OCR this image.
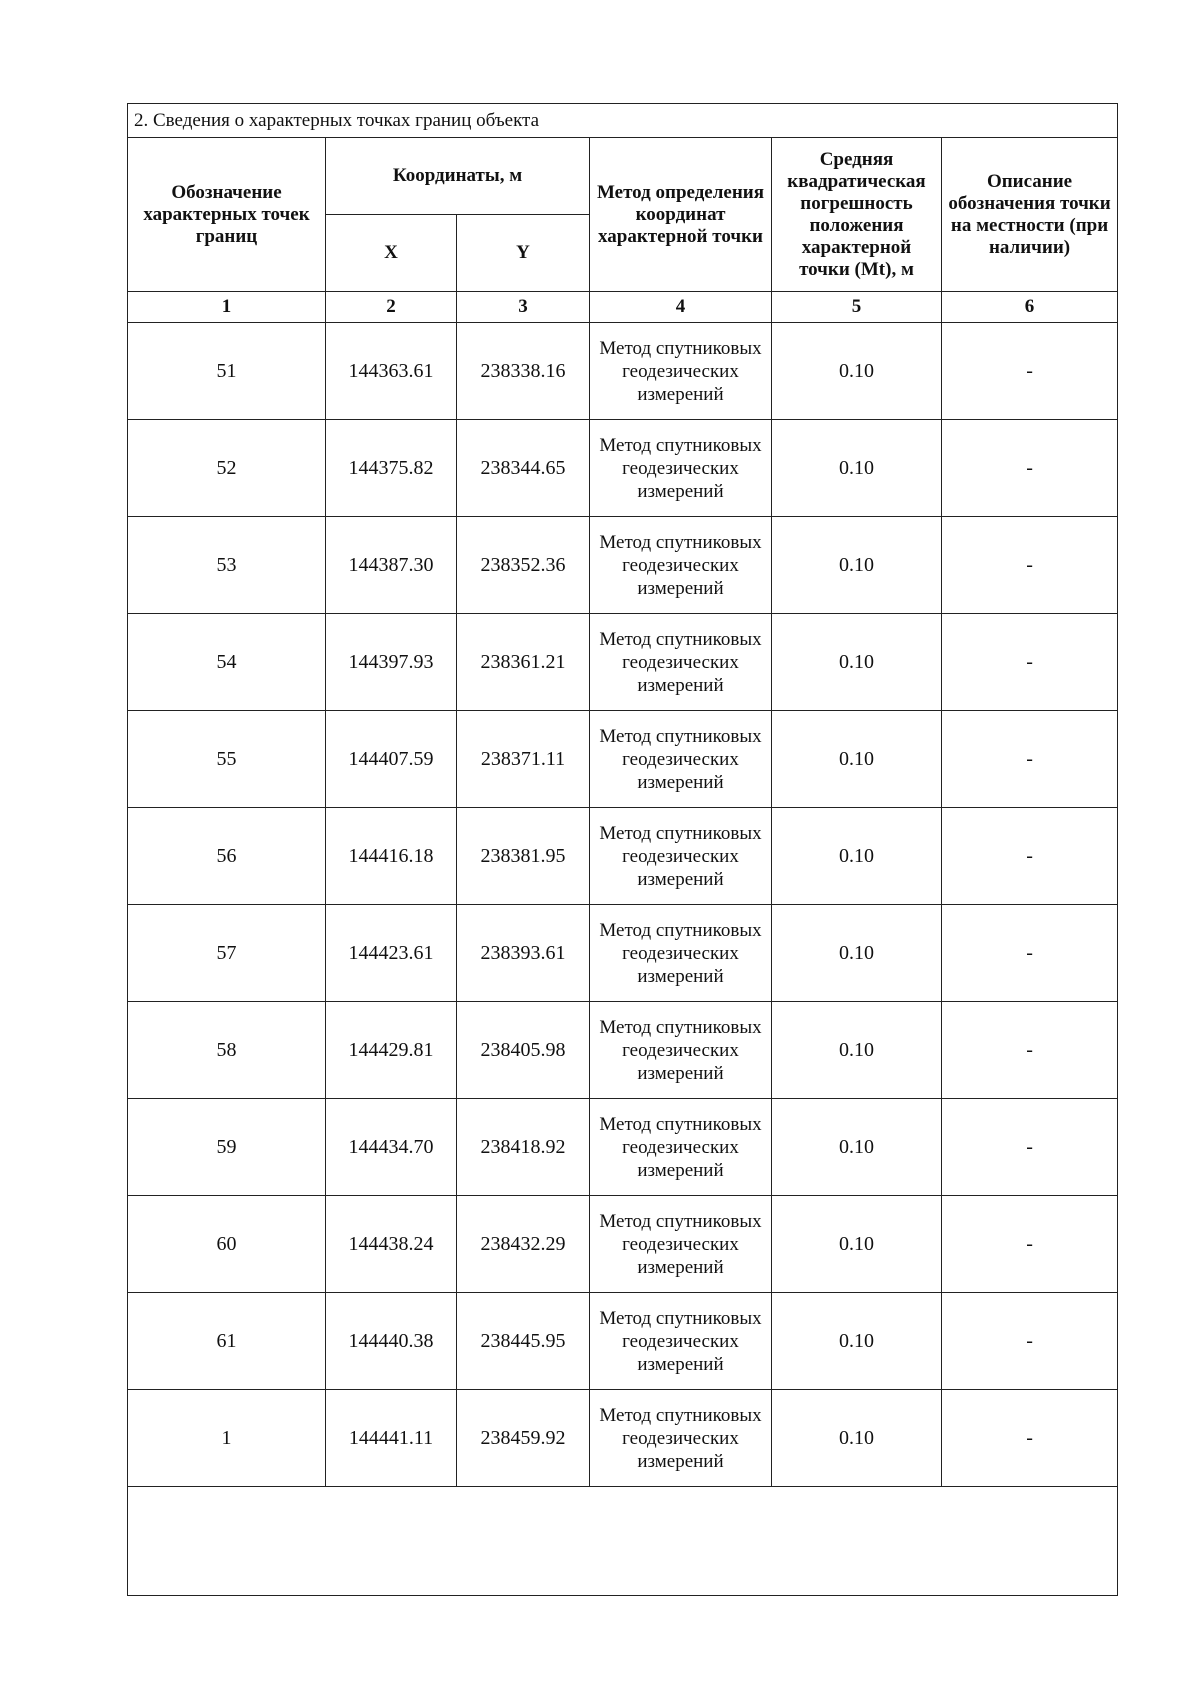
2. Сведения о характерных точках границ объекта					
Обозначение характерных точек границ	Координаты, м		Метод определения координат характерной точки	Средняя квадратическая погрешность положения характерной точки (Mt), м	Описание обозначения точки на местности (при наличии)
	X	Y			
1	2	3	4	5	6
51	144363.61	238338.16	Метод спутниковых геодезических измерений	0.10	-
52	144375.82	238344.65	Метод спутниковых геодезических измерений	0.10	-
53	144387.30	238352.36	Метод спутниковых геодезических измерений	0.10	-
54	144397.93	238361.21	Метод спутниковых геодезических измерений	0.10	-
55	144407.59	238371.11	Метод спутниковых геодезических измерений	0.10	-
56	144416.18	238381.95	Метод спутниковых геодезических измерений	0.10	-
57	144423.61	238393.61	Метод спутниковых геодезических измерений	0.10	-
58	144429.81	238405.98	Метод спутниковых геодезических измерений	0.10	-
59	144434.70	238418.92	Метод спутниковых геодезических измерений	0.10	-
60	144438.24	238432.29	Метод спутниковых геодезических измерений	0.10	-
61	144440.38	238445.95	Метод спутниковых геодезических измерений	0.10	-
1	144441.11	238459.92	Метод спутниковых геодезических измерений	0.10	-
